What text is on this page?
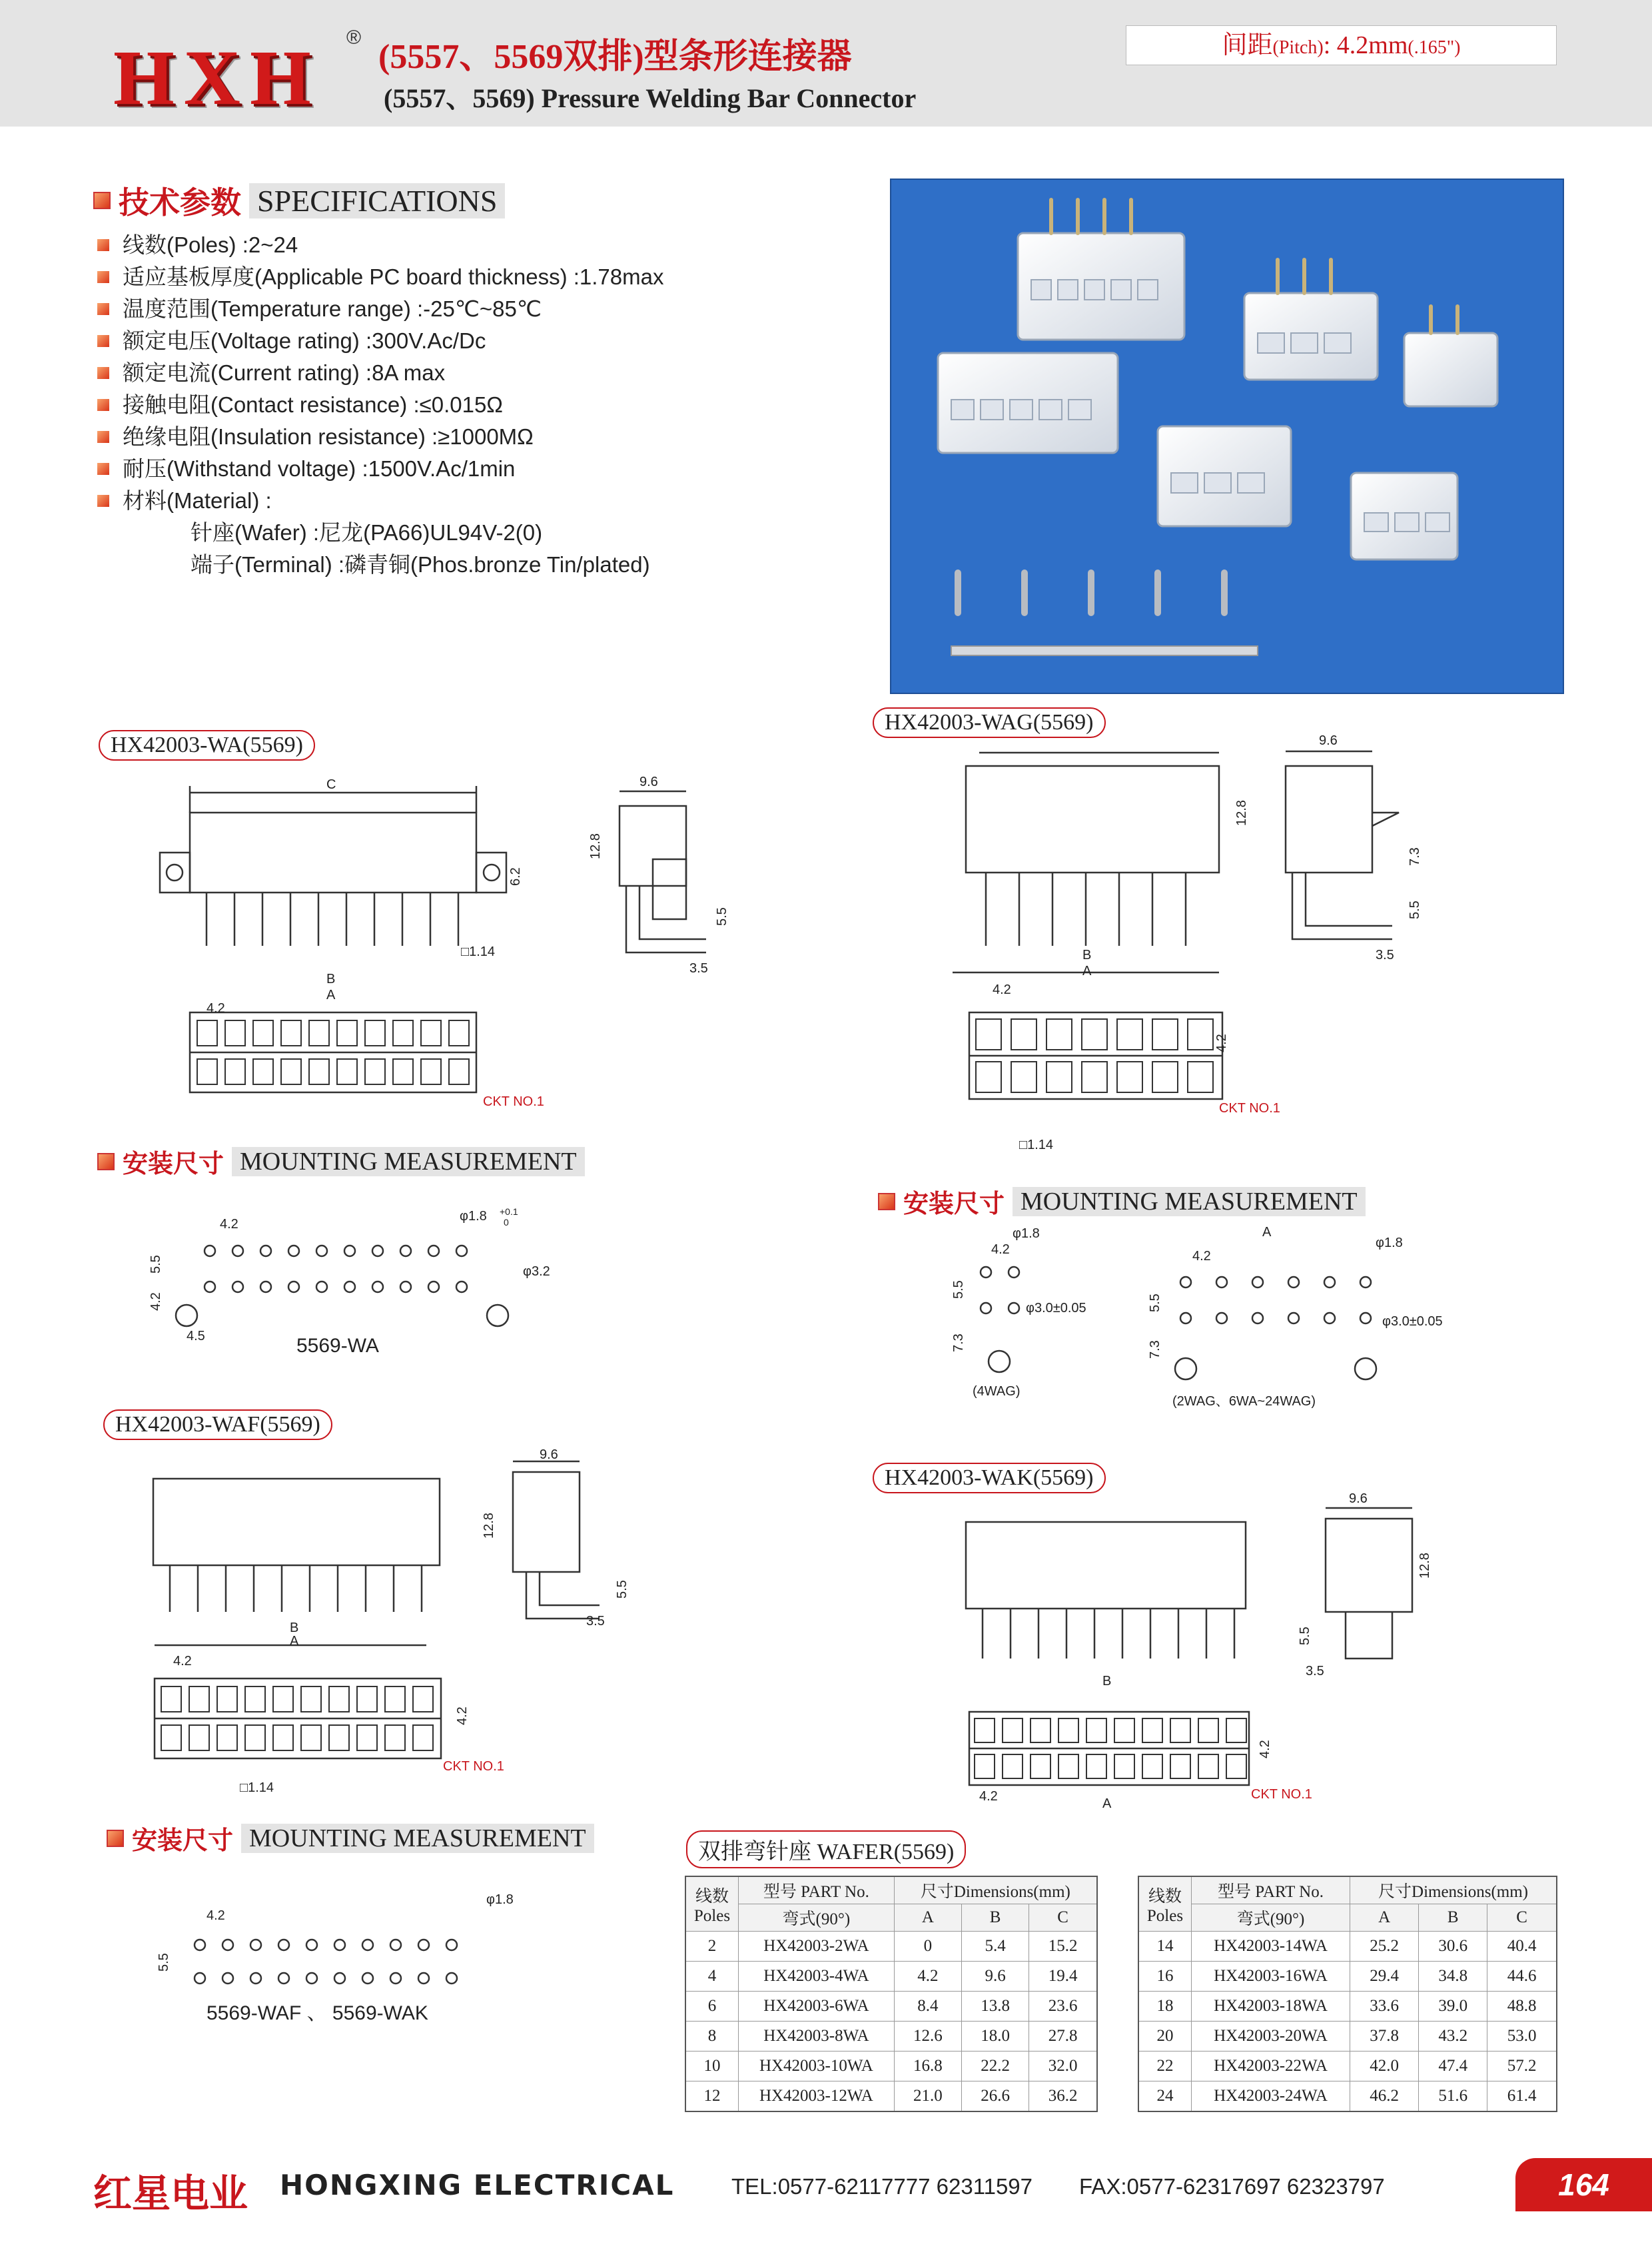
HXH ®
(5557、5569双排)型条形连接器
(5557、5569) Pressure Welding Bar Connector
间距(Pitch): 4.2mm(.165")
技术参数 SPECIFICATIONS
线数(Poles) :2~24
适应基板厚度(Applicable PC board thickness) :1.78max
温度范围(Temperature range) :-25℃~85℃
额定电压(Voltage rating) :300V.Ac/Dc
额定电流(Current rating) :8A max
接触电阻(Contact resistance) :≤0.015Ω
绝缘电阻(Insulation resistance) :≥1000MΩ
耐压(Withstand voltage) :1500V.Ac/1min
材料(Material) :
针座(Wafer) :尼龙(PA66)UL94V-2(0)
端子(Terminal) :磷青铜(Phos.bronze Tin/plated)
HX42003-WA(5569)
C	9.6
6.2
12.8
5.5
3.5
□1.14
B
A
4.2
CKT NO.1
安装尺寸 MOUNTING MEASUREMENT
4.2
φ1.8 +0.1
0
φ3.2
5.5
4.2
4.5	5569-WA
HX42003-WAG(5569)
9.6
12.8
7.3
5.5
3.5
B
A
4.2
4.2
□1.14
CKT NO.1
安装尺寸 MOUNTING MEASUREMENT
4.2
φ1.8
φ3.0±0.05
5.5
7.3
(4WAG)
A
4.2
φ1.8
φ3.0±0.05
5.5
7.3
(2WAG、6WA~24WAG)
HX42003-WAF(5569)
9.6
12.8
5.5
3.5
B
A
4.2
4.2
□1.14
CKT NO.1
安装尺寸 MOUNTING MEASUREMENT
4.2
φ1.8
5.5
5569-WAF 、 5569-WAK
HX42003-WAK(5569)
9.6
12.8
5.5
3.5
B
4.2	A
4.2
CKT NO.1
双排弯针座 WAFER(5569)
线数
Poles	型号 PART No.	尺寸Dimensions(mm)		
	弯式(90°)	A	B	C
2	HX42003-2WA	0	5.4	15.2
4	HX42003-4WA	4.2	9.6	19.4
6	HX42003-6WA	8.4	13.8	23.6
8	HX42003-8WA	12.6	18.0	27.8
10	HX42003-10WA	16.8	22.2	32.0
12	HX42003-12WA	21.0	26.6	36.2
线数
Poles	型号 PART No.	尺寸Dimensions(mm)		
	弯式(90°)	A	B	C
14	HX42003-14WA	25.2	30.6	40.4
16	HX42003-16WA	29.4	34.8	44.6
18	HX42003-18WA	33.6	39.0	48.8
20	HX42003-20WA	37.8	43.2	53.0
22	HX42003-22WA	42.0	47.4	57.2
24	HX42003-24WA	46.2	51.6	61.4
红星电业 HONGXING ELECTRICAL	TEL:0577-62117777 62311597 FAX:0577-62317697 62323797	164
